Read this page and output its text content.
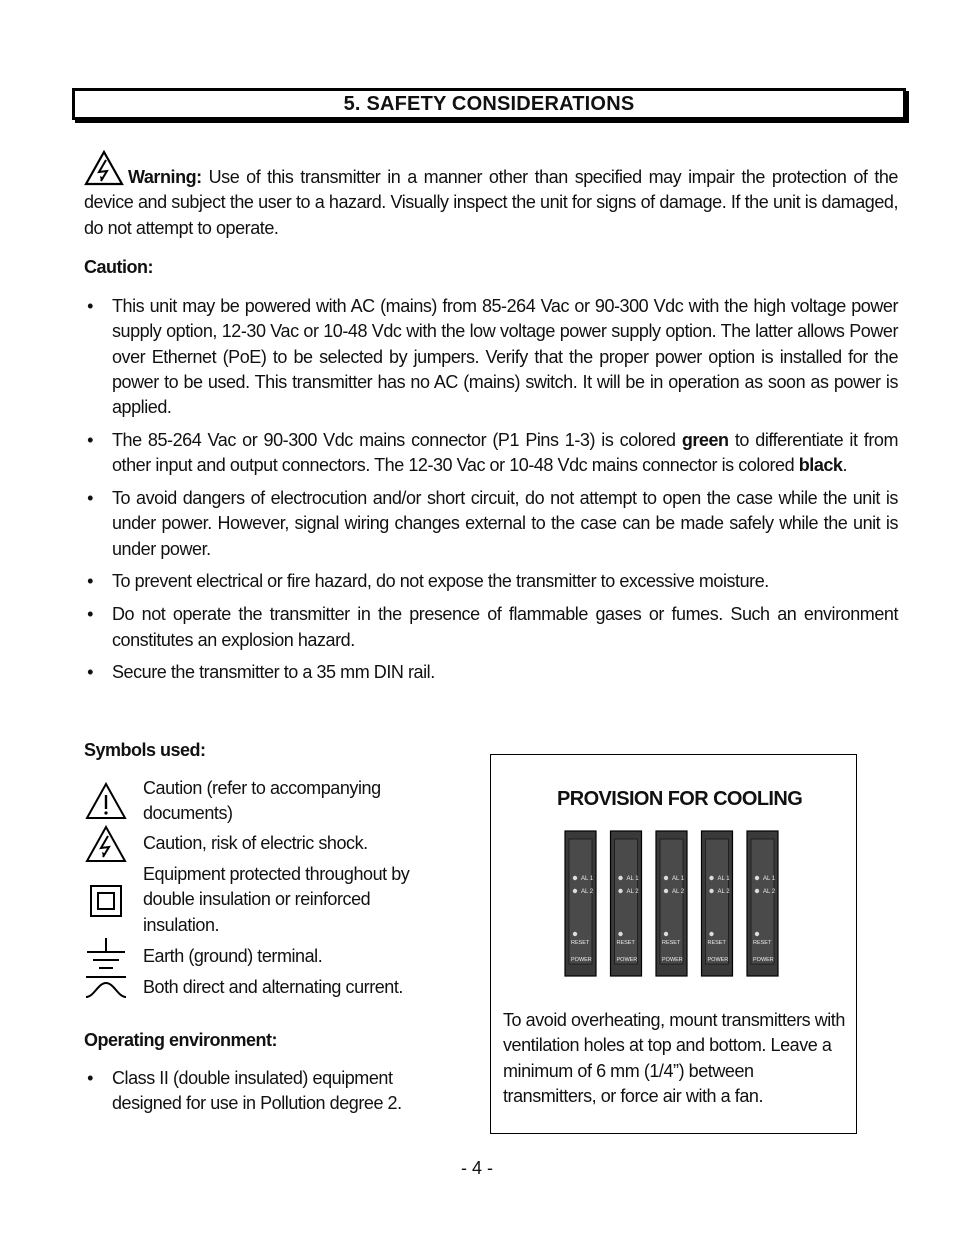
5. SAFETY CONSIDERATIONS
Warning: Use of this transmitter in a manner other than specified may impair the protection of the device and subject the user to a hazard. Visually inspect the unit for signs of damage. If the unit is damaged, do not attempt to operate.
Caution:
• This unit may be powered with AC (mains) from 85-264 Vac or 90-300 Vdc with the high voltage power supply option, 12-30 Vac or 10-48 Vdc with the low voltage power supply option. The latter allows Power over Ethernet (PoE) to be selected by jumpers. Verify that the proper power option is installed for the power to be used. This transmitter has no AC (mains) switch. It will be in operation as soon as power is applied.
• The 85-264 Vac or 90-300 Vdc mains connector (P1 Pins 1-3) is colored green to differentiate it from other input and output connectors. The 12-30 Vac or 10-48 Vdc mains connector is colored black.
• To avoid dangers of electrocution and/or short circuit, do not attempt to open the case while the unit is under power. However, signal wiring changes external to the case can be made safely while the unit is under power.
• To prevent electrical or fire hazard, do not expose the transmitter to excessive moisture.
• Do not operate the transmitter in the presence of flammable gases or fumes. Such an environment constitutes an explosion hazard.
• Secure the transmitter to a 35 mm DIN rail.
Symbols used:
Caution (refer to accompanying documents)
Caution, risk of electric shock.
Equipment protected throughout by double insulation or reinforced insulation.
Earth (ground) terminal.
Both direct and alternating current.
Operating environment:
• Class II (double insulated) equipment designed for use in Pollution degree 2.
PROVISION FOR COOLING
AL 1
AL 2
RESET
POWER
AL 1
AL 2
RESET
POWER
AL 1
AL 2
RESET
POWER
AL 1
AL 2
RESET
POWER
AL 1
AL 2
RESET
POWER
To avoid overheating, mount transmitters with ventilation holes at top and bottom. Leave a minimum of 6 mm (1/4”) between transmitters, or force air with a fan.
- 4 -
